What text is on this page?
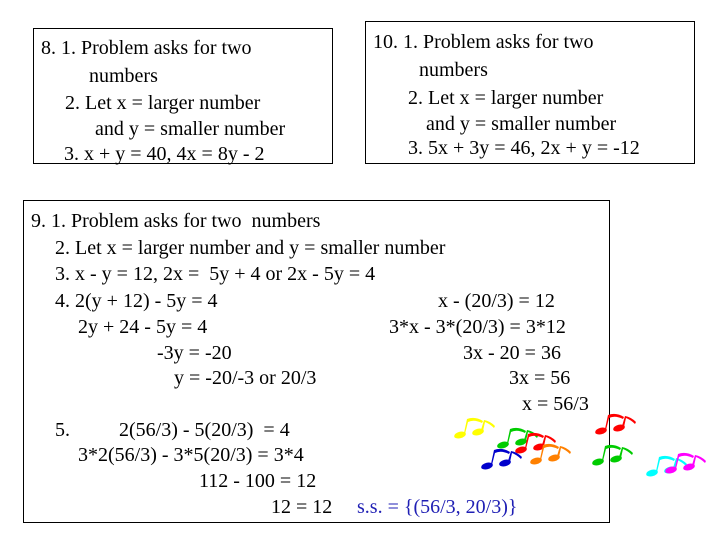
8. 1. Problem asks for two
numbers
2. Let x = larger number
and y = smaller number
3. x + y = 40, 4x = 8y - 2
10. 1. Problem asks for two
numbers
2. Let x = larger number
and y = smaller number
3. 5x + 3y = 46, 2x + y = -12
9. 1. Problem asks for two  numbers
2. Let x = larger number and y = smaller number
3. x - y = 12, 2x =  5y + 4 or 2x - 5y = 4
4. 2(y + 12) - 5y = 4
2y + 24 - 5y = 4
-3y = -20
y = -20/-3 or 20/3
x - (20/3) = 12
3*x - 3*(20/3) = 3*12
3x - 20 = 36
3x = 56
x = 56/3
5. 2(56/3) - 5(20/3)  = 4
3*2(56/3) - 3*5(20/3) = 3*4
112 - 100 = 12
12 = 12 s.s. = {(56/3, 20/3)}
